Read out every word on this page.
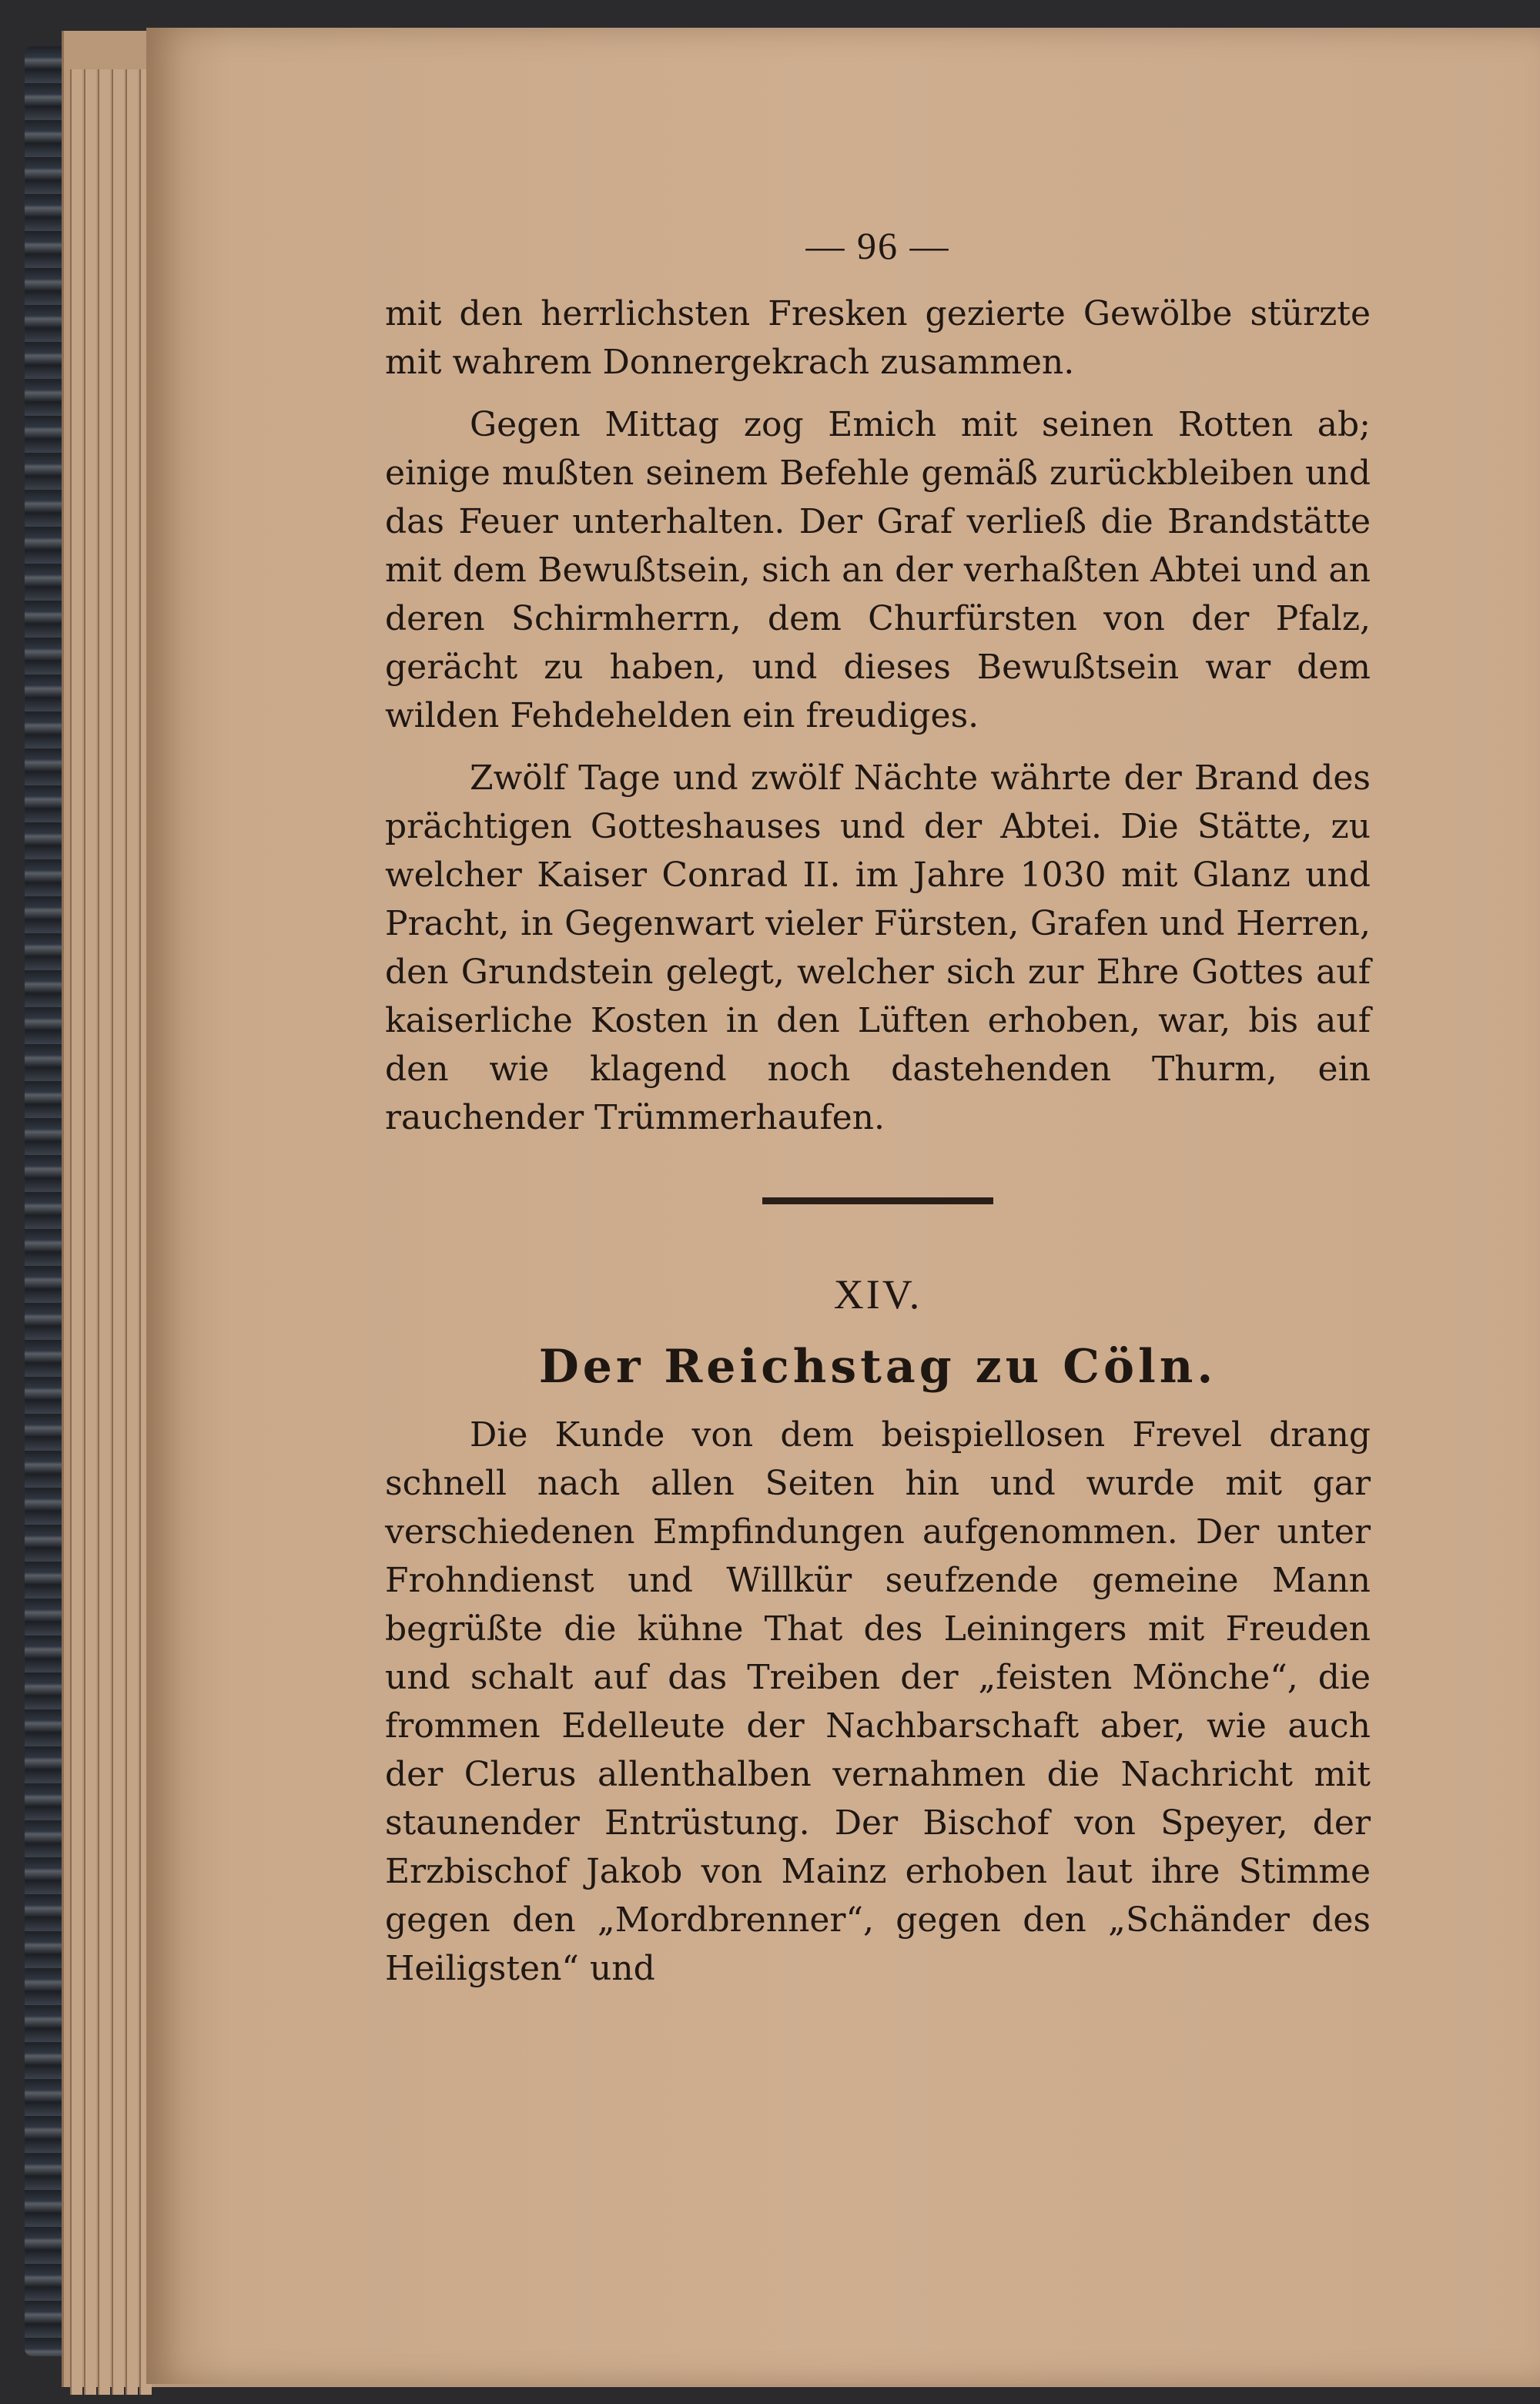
— 96 —

mit den herrlichsten Fresken gezierte Gewölbe stürzte mit wahrem Donnergekrach zusammen.

Gegen Mittag zog Emich mit seinen Rotten ab; einige mußten seinem Befehle gemäß zurückbleiben und das Feuer unterhalten. Der Graf verließ die Brandstätte mit dem Bewußtsein, sich an der verhaßten Abtei und an deren Schirmherrn, dem Churfürsten von der Pfalz, gerächt zu haben, und dieses Bewußtsein war dem wilden Fehdehelden ein freudiges.

Zwölf Tage und zwölf Nächte währte der Brand des prächtigen Gotteshauses und der Abtei. Die Stätte, zu welcher Kaiser Conrad II. im Jahre 1030 mit Glanz und Pracht, in Gegenwart vieler Fürsten, Grafen und Herren, den Grundstein gelegt, welcher sich zur Ehre Gottes auf kaiserliche Kosten in den Lüften erhoben, war, bis auf den wie klagend noch dastehenden Thurm, ein rauchender Trümmerhaufen.

XIV.
Der Reichstag zu Cöln.

Die Kunde von dem beispiellosen Frevel drang schnell nach allen Seiten hin und wurde mit gar verschiedenen Empfindungen aufgenommen. Der unter Frohndienst und Willkür seufzende gemeine Mann begrüßte die kühne That des Leiningers mit Freuden und schalt auf das Treiben der „feisten Mönche“, die frommen Edelleute der Nachbarschaft aber, wie auch der Clerus allenthalben vernahmen die Nachricht mit staunender Entrüstung. Der Bischof von Speyer, der Erzbischof Jakob von Mainz erhoben laut ihre Stimme gegen den „Mordbrenner“, gegen den „Schänder des Heiligsten“ und
